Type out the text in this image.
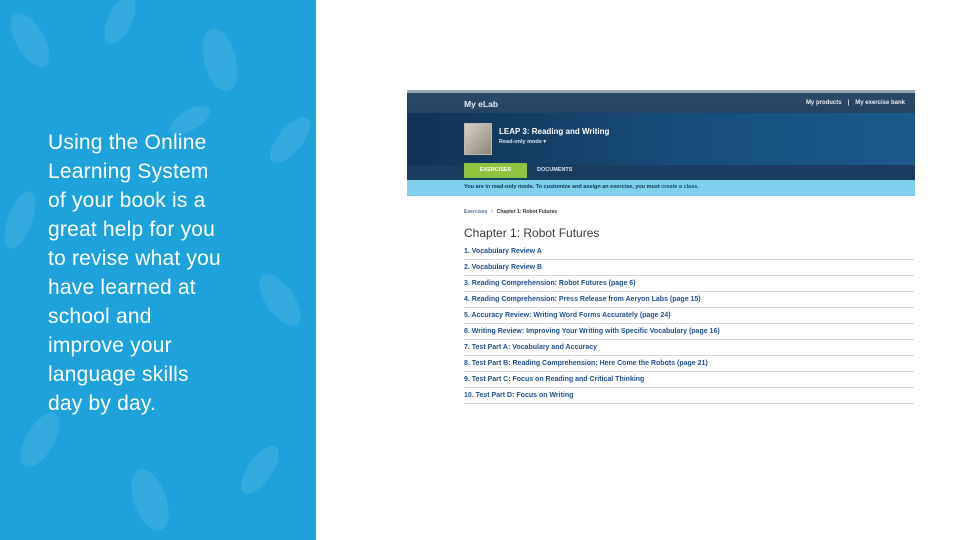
Using the Online
Learning System
of your book is a
great help for you
to revise what you
have learned at
school and
improve your
language skills
day by day.

My eLab	My products | My exercise bank
LEAP 3: Reading and Writing
Read-only mode ▾
EXERCISES	DOCUMENTS
You are in read-only mode. To customize and assign an exercise, you must create a class.
Exercises / Chapter 1: Robot Futures
Chapter 1: Robot Futures
1. Vocabulary Review A
2. Vocabulary Review B
3. Reading Comprehension: Robot Futures (page 6)
4. Reading Comprehension: Press Release from Aeryon Labs (page 15)
5. Accuracy Review: Writing Word Forms Accurately (page 24)
6. Writing Review: Improving Your Writing with Specific Vocabulary (page 16)
7. Test Part A: Vocabulary and Accuracy
8. Test Part B: Reading Comprehension: Here Come the Robots (page 21)
9. Test Part C: Focus on Reading and Critical Thinking
10. Test Part D: Focus on Writing
